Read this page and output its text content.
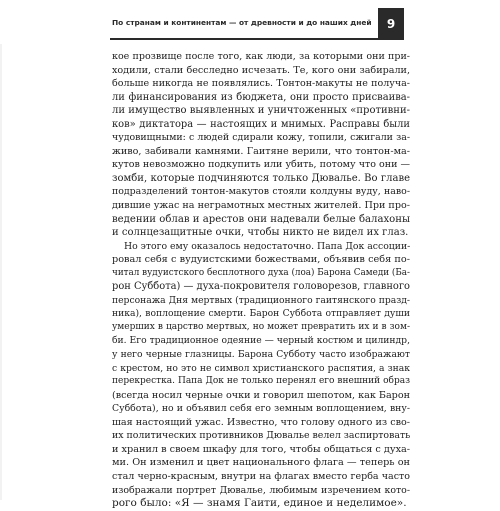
По странам и континентам — от древности и до наших дней	9
кое прозвище после того, как люди, за которыми они при-
ходили, стали бесследно исчезать. Те, кого они забирали,
больше никогда не появлялись. Тонтон-макуты не получа-
ли финансирования из бюджета, они просто присваива-
ли имущество выявленных и уничтоженных «противни-
ков» диктатора — настоящих и мнимых. Расправы были
чудовищными: с людей сдирали кожу, топили, сжигали за-
живо, забивали камнями. Гаитяне верили, что тонтон-ма-
кутов невозможно подкупить или убить, потому что они —
зомби, которые подчиняются только Дювалье. Во главе
подразделений тонтон-макутов стояли колдуны вуду, наво-
дившие ужас на неграмотных местных жителей. При про-
ведении облав и арестов они надевали белые балахоны
и солнцезащитные очки, чтобы никто не видел их глаз.
Но этого ему оказалось недостаточно. Папа Док ассоции-
ровал себя с вудуистскими божествами, объявив себя по-
читал вудуистского бесплотного духа (лоа) Барона Самеди (Ба-
рон Суббота) — духа-покровителя головорезов, главного
персонажа Дня мертвых (традиционного гаитянского празд-
ника), воплощение смерти. Барон Суббота отправляет души
умерших в царство мертвых, но может превратить их и в зом-
би. Его традиционное одеяние — черный костюм и цилиндр,
у него черные глазницы. Барона Субботу часто изображают
с крестом, но это не символ христианского распятия, а знак
перекрестка. Папа Док не только перенял его внешний образ
(всегда носил черные очки и говорил шепотом, как Барон
Суббота), но и объявил себя его земным воплощением, вну-
шая настоящий ужас. Известно, что голову одного из сво-
их политических противников Дювалье велел заспиртовать
и хранил в своем шкафу для того, чтобы общаться с духа-
ми. Он изменил и цвет национального флага — теперь он
стал черно-красным, внутри на флагах вместо герба часто
изображали портрет Дювалье, любимым изречением кото-
рого было: «Я — знамя Гаити, единое и неделимое».
